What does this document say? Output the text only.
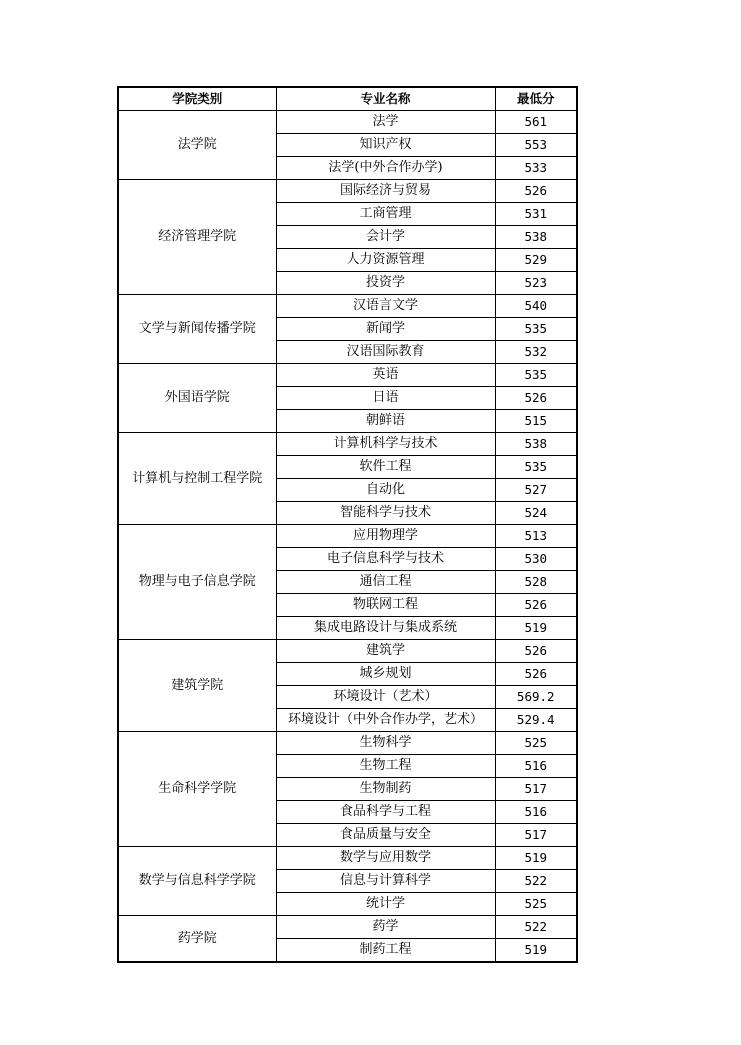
学院类别	专业名称	最低分
法学院	法学	561
	知识产权	553
	法学(中外合作办学)	533
经济管理学院	国际经济与贸易	526
	工商管理	531
	会计学	538
	人力资源管理	529
	投资学	523
文学与新闻传播学院	汉语言文学	540
	新闻学	535
	汉语国际教育	532
外国语学院	英语	535
	日语	526
	朝鲜语	515
计算机与控制工程学院	计算机科学与技术	538
	软件工程	535
	自动化	527
	智能科学与技术	524
物理与电子信息学院	应用物理学	513
	电子信息科学与技术	530
	通信工程	528
	物联网工程	526
	集成电路设计与集成系统	519
建筑学院	建筑学	526
	城乡规划	526
	环境设计（艺术）	569.2
	环境设计（中外合作办学，艺术）	529.4
生命科学学院	生物科学	525
	生物工程	516
	生物制药	517
	食品科学与工程	516
	食品质量与安全	517
数学与信息科学学院	数学与应用数学	519
	信息与计算科学	522
	统计学	525
药学院	药学	522
	制药工程	519
